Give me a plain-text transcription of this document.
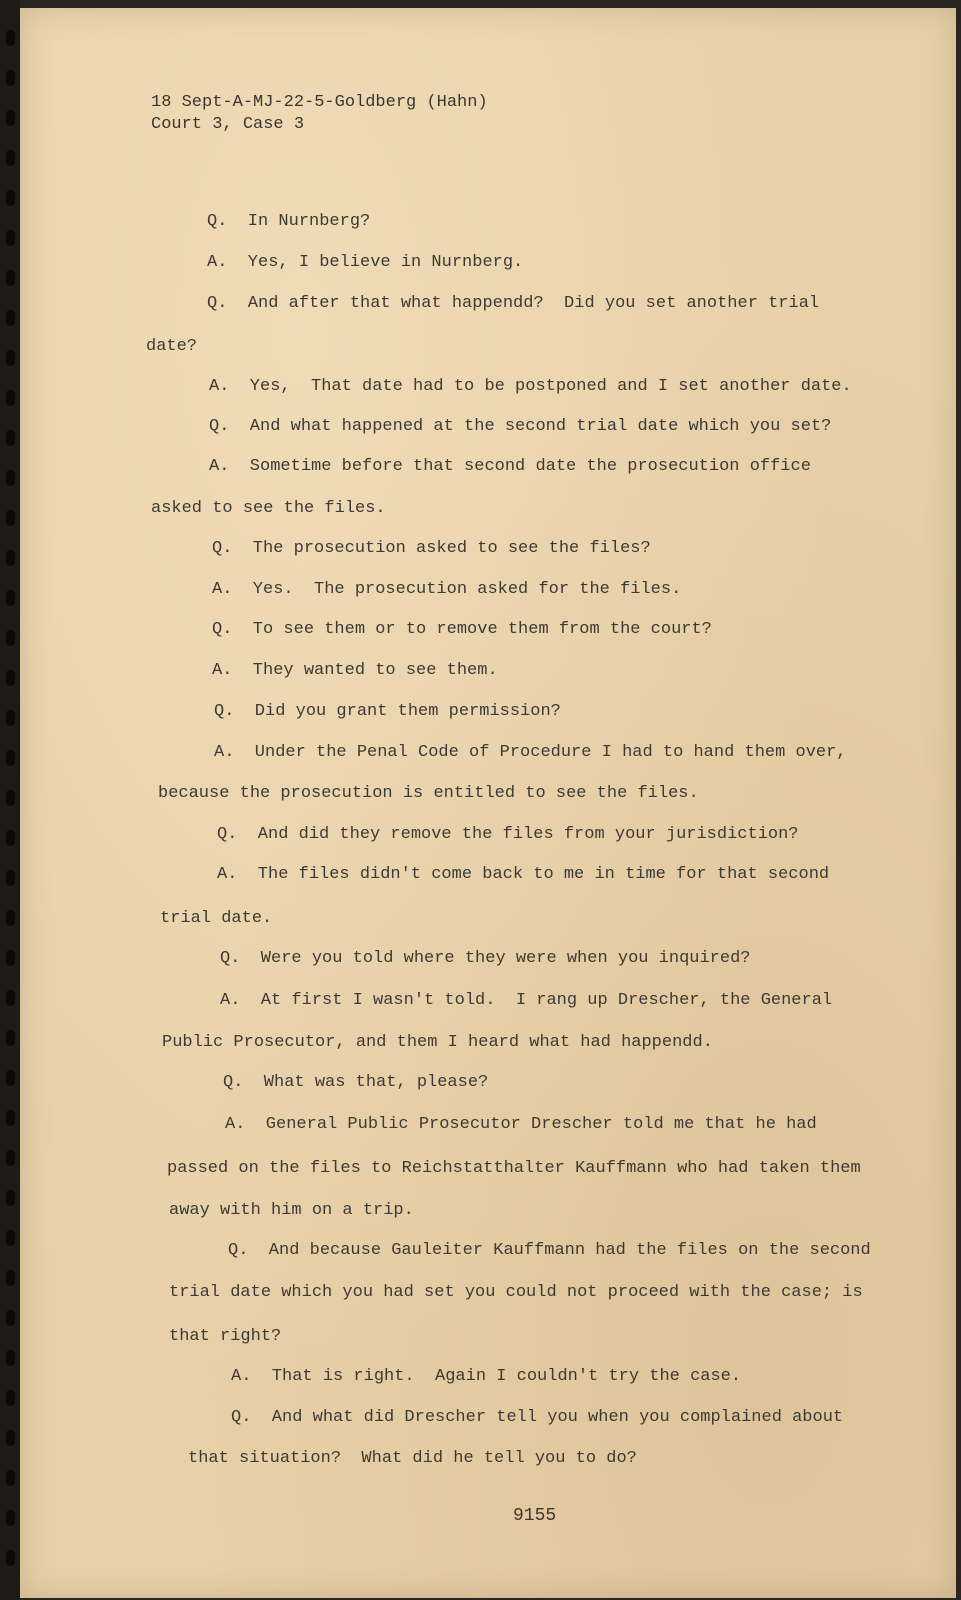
18 Sept-A-MJ-22-5-Goldberg (Hahn)
Court 3, Case 3
Q.  In Nurnberg?
A.  Yes, I believe in Nurnberg.
Q.  And after that what happendd?  Did you set another trial
date?
A.  Yes,  That date had to be postponed and I set another date.
Q.  And what happened at the second trial date which you set?
A.  Sometime before that second date the prosecution office
asked to see the files.
Q.  The prosecution asked to see the files?
A.  Yes.  The prosecution asked for the files.
Q.  To see them or to remove them from the court?
A.  They wanted to see them.
Q.  Did you grant them permission?
A.  Under the Penal Code of Procedure I had to hand them over,
because the prosecution is entitled to see the files.
Q.  And did they remove the files from your jurisdiction?
A.  The files didn't come back to me in time for that second
trial date.
Q.  Were you told where they were when you inquired?
A.  At first I wasn't told.  I rang up Drescher, the General
Public Prosecutor, and them I heard what had happendd.
Q.  What was that, please?
A.  General Public Prosecutor Drescher told me that he had
passed on the files to Reichstatthalter Kauffmann who had taken them
away with him on a trip.
Q.  And because Gauleiter Kauffmann had the files on the second
trial date which you had set you could not proceed with the case; is
that right?
A.  That is right.  Again I couldn't try the case.
Q.  And what did Drescher tell you when you complained about
that situation?  What did he tell you to do?
9155
